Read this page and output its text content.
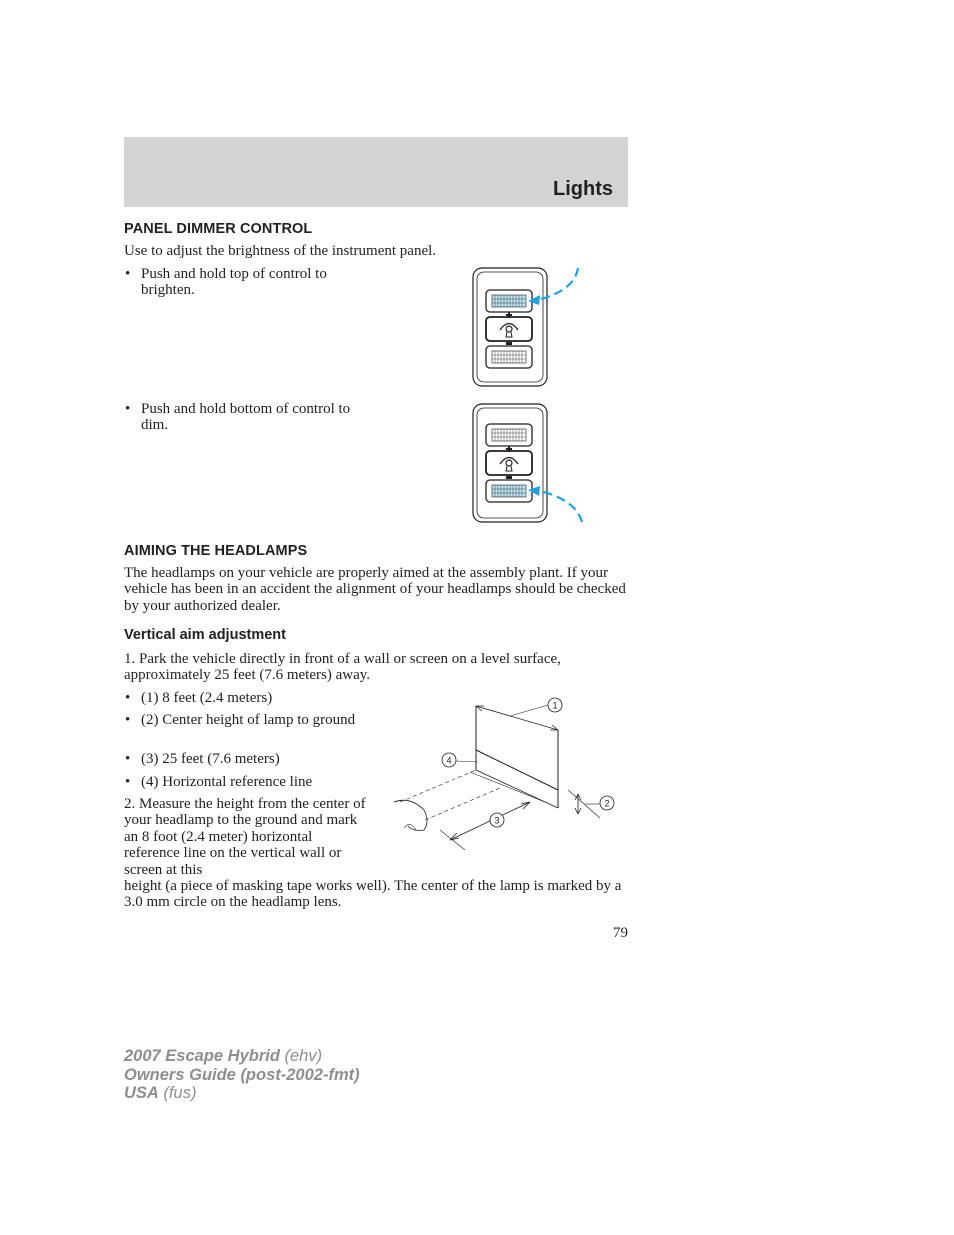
Lights
PANEL DIMMER CONTROL
Use to adjust the brightness of the instrument panel.
• Push and hold top of control to brighten.
• Push and hold bottom of control to dim.
AIMING THE HEADLAMPS
The headlamps on your vehicle are properly aimed at the assembly plant. If your vehicle has been in an accident the alignment of your headlamps should be checked by your authorized dealer.
Vertical aim adjustment
1. Park the vehicle directly in front of a wall or screen on a level surface, approximately 25 feet (7.6 meters) away.
• (1) 8 feet (2.4 meters)
• (2) Center height of lamp to ground
• (3) 25 feet (7.6 meters)
• (4) Horizontal reference line
2. Measure the height from the center of your headlamp to the ground and mark an 8 foot (2.4 meter) horizontal reference line on the vertical wall or screen at this
height (a piece of masking tape works well). The center of the lamp is marked by a 3.0 mm circle on the headlamp lens.
1
4
3
2
79
2007 Escape Hybrid (ehv)
Owners Guide (post-2002-fmt)
USA (fus)
